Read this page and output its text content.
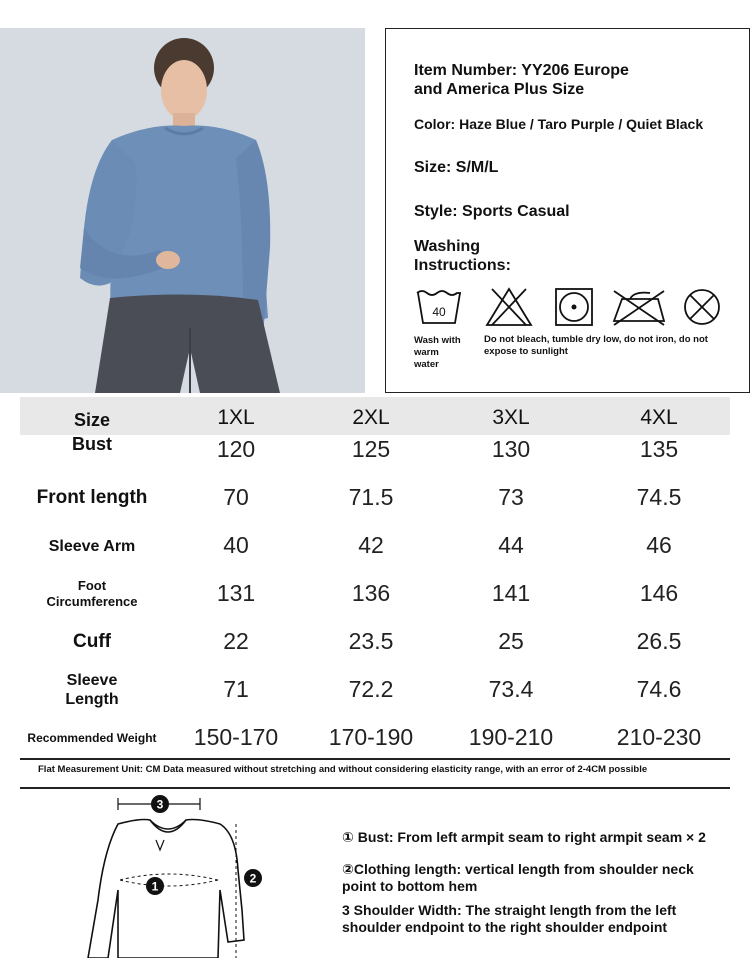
Item Number: YY206 Europe
and America Plus Size
Color: Haze Blue / Taro Purple / Quiet Black
Size: S/M/L
Style: Sports Casual
Washing
Instructions:
40
Wash with
warm
water
Do not bleach, tumble dry low, do not iron, do not
expose to sunlight
Size	1XL	2XL	3XL	4XL
Bust	120	125	130	135
Front length	70	71.5	73	74.5
Sleeve Arm	40	42	44	46
Foot
Circumference	131	136	141	146
Cuff	22	23.5	25	26.5
Sleeve
Length	71	72.2	73.4	74.6
Recommended Weight	150-170	170-190	190-210	210-230
Flat Measurement Unit: CM Data measured without stretching and without considering elasticity range, with an error of 2-4CM possible
3
1
2
① Bust: From left armpit seam to right armpit seam × 2
②Clothing length: vertical length from shoulder neck
point to bottom hem
3 Shoulder Width: The straight length from the left
shoulder endpoint to the right shoulder endpoint
